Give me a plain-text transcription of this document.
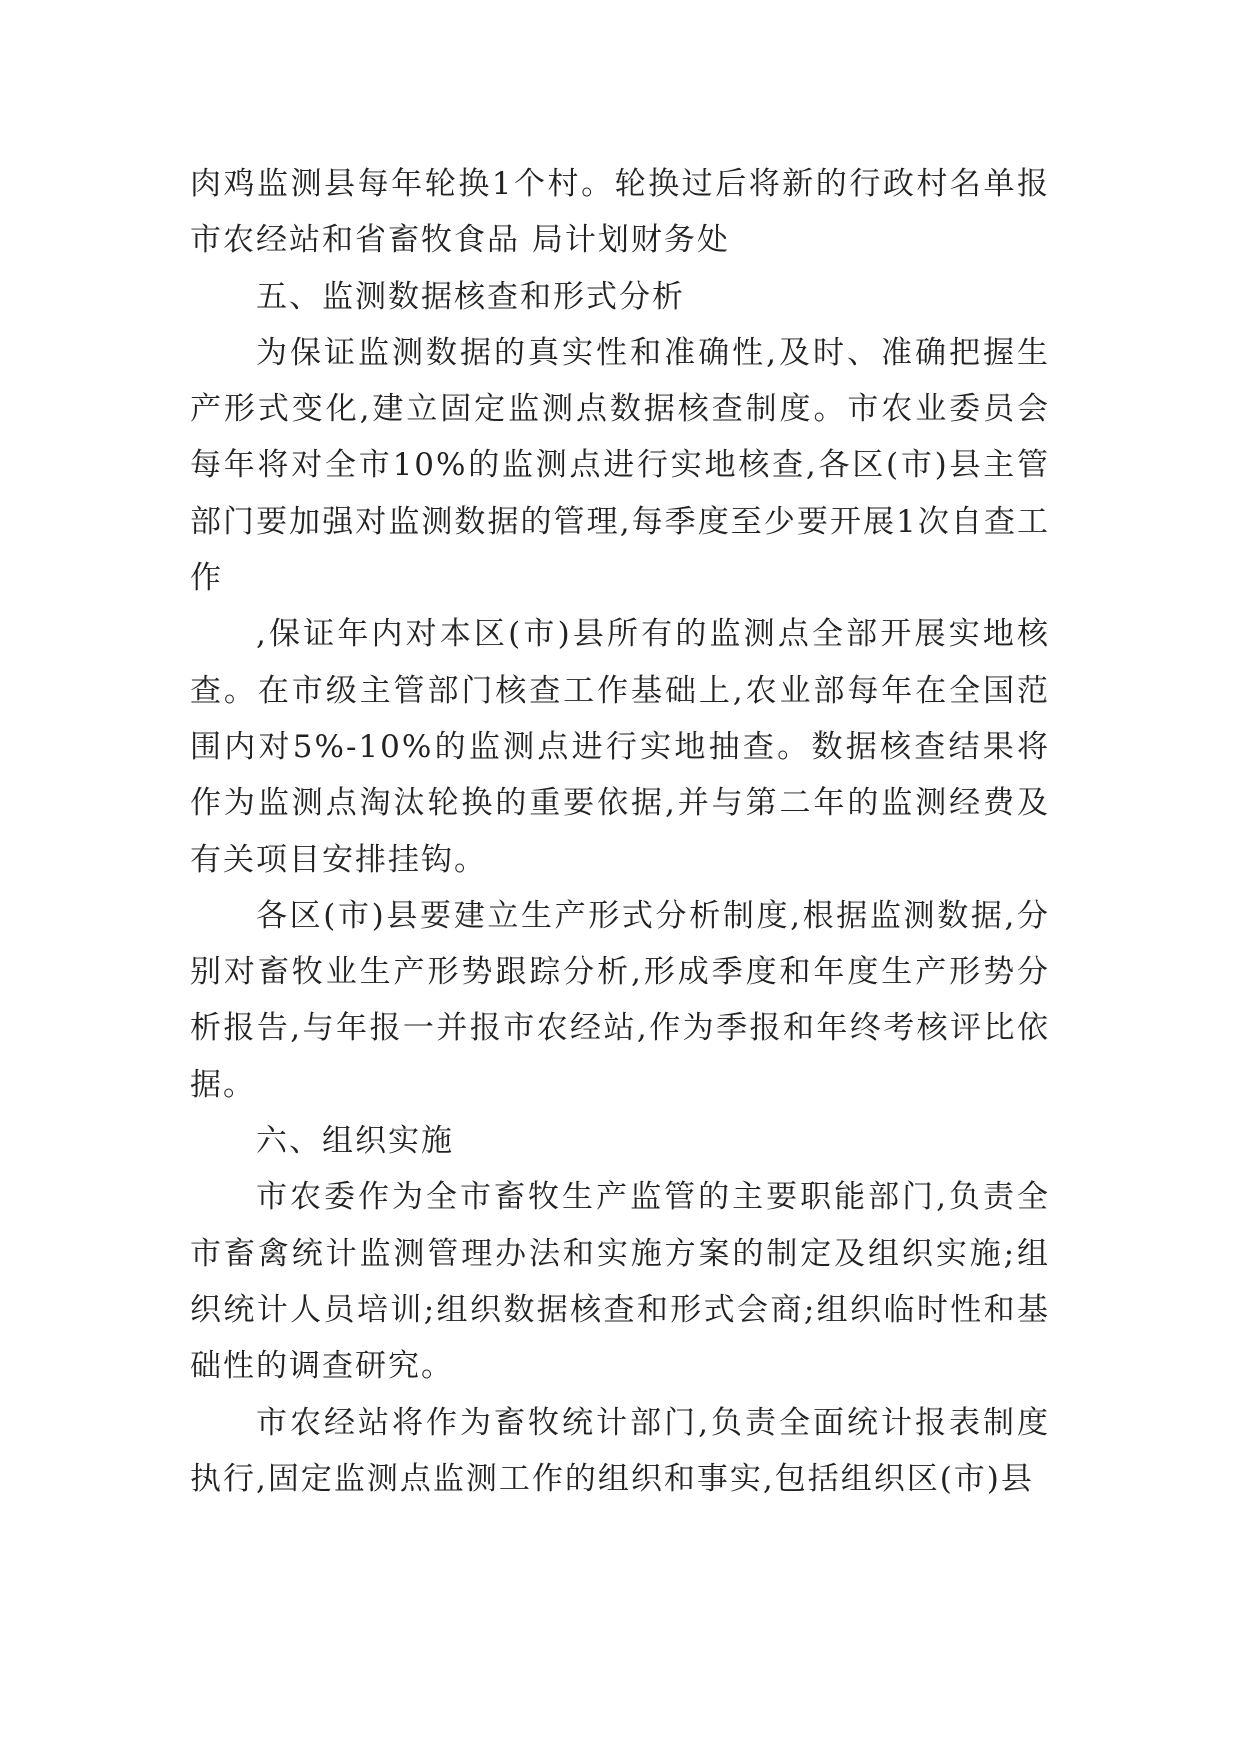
肉鸡监测县每年轮换1个村。轮换过后将新的行政村名单报市农经站和省畜牧食品 局计划财务处

五、监测数据核查和形式分析

为保证监测数据的真实性和准确性,及时、准确把握生产形式变化,建立固定监测点数据核查制度。市农业委员会每年将对全市10%的监测点进行实地核查,各区(市)县主管部门要加强对监测数据的管理,每季度至少要开展1次自查工作

,保证年内对本区(市)县所有的监测点全部开展实地核查。在市级主管部门核查工作基础上,农业部每年在全国范围内对5%-10%的监测点进行实地抽查。数据核查结果将作为监测点淘汰轮换的重要依据,并与第二年的监测经费及有关项目安排挂钩。

各区(市)县要建立生产形式分析制度,根据监测数据,分别对畜牧业生产形势跟踪分析,形成季度和年度生产形势分析报告,与年报一并报市农经站,作为季报和年终考核评比依据。

六、组织实施

市农委作为全市畜牧生产监管的主要职能部门,负责全市畜禽统计监测管理办法和实施方案的制定及组织实施;组织统计人员培训;组织数据核查和形式会商;组织临时性和基础性的调查研究。

市农经站将作为畜牧统计部门,负责全面统计报表制度执行,固定监测点监测工作的组织和事实,包括组织区(市)县
